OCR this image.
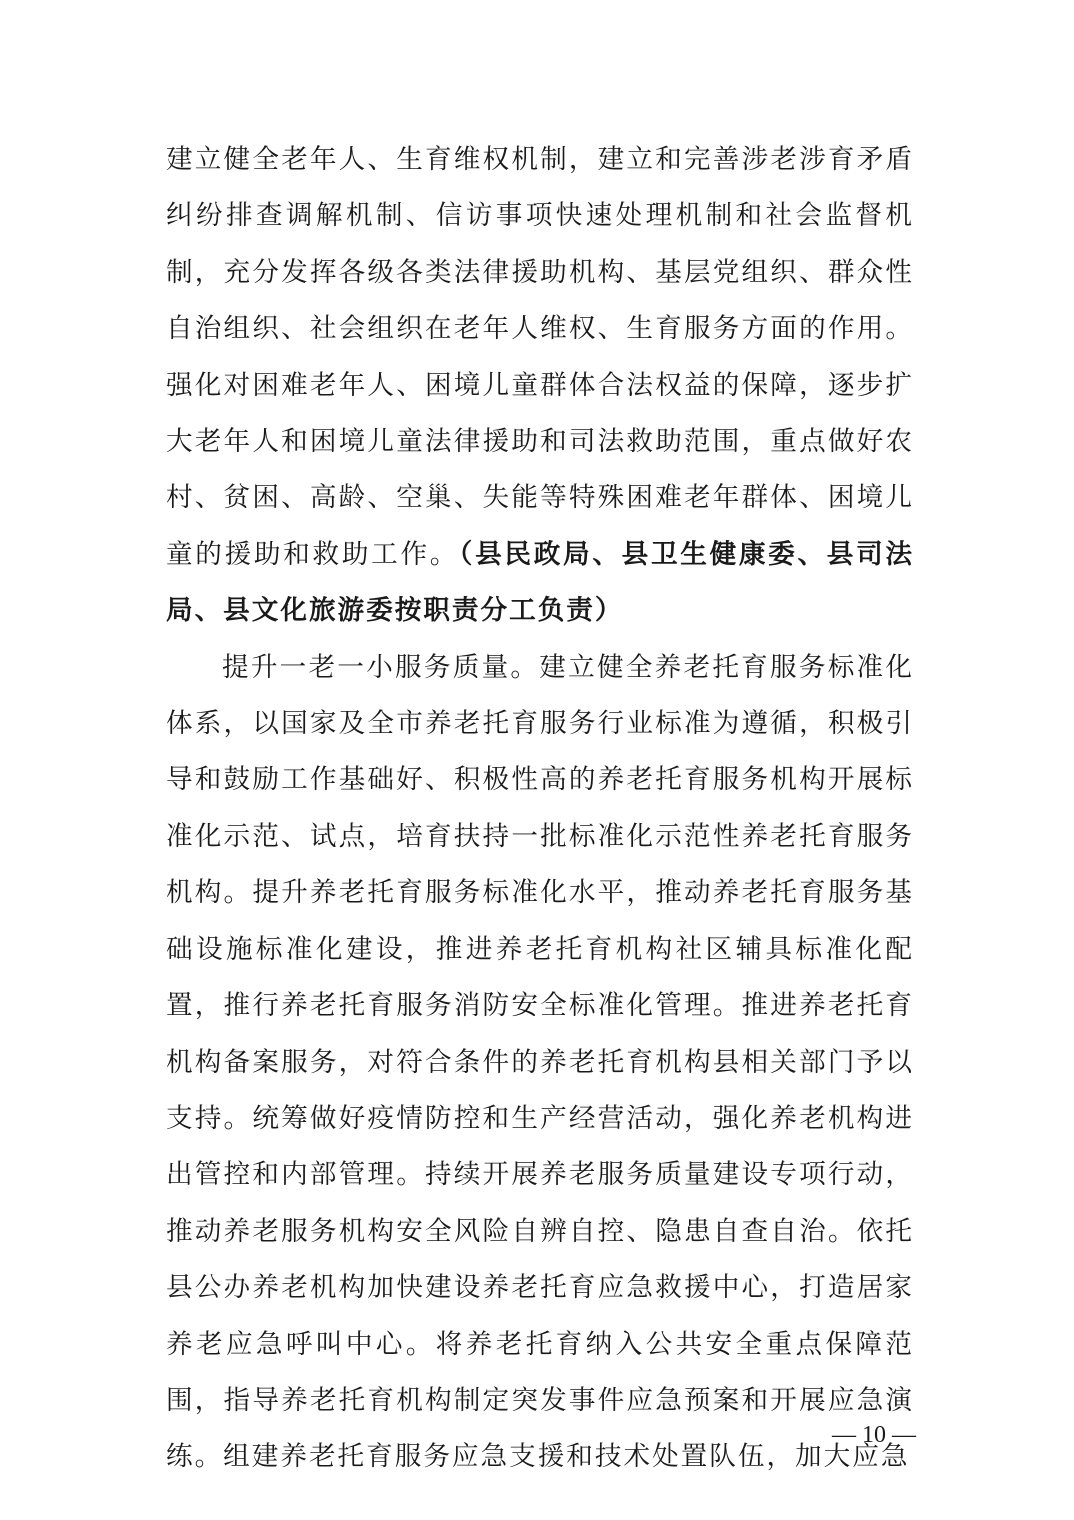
建立健全老年人、生育维权机制，建立和完善涉老涉育矛盾纠纷排查调解机制、信访事项快速处理机制和社会监督机制，充分发挥各级各类法律援助机构、基层党组织、群众性自治组织、社会组织在老年人维权、生育服务方面的作用。强化对困难老年人、困境儿童群体合法权益的保障，逐步扩大老年人和困境儿童法律援助和司法救助范围，重点做好农村、贫困、高龄、空巢、失能等特殊困难老年群体、困境儿童的援助和救助工作。（县民政局、县卫生健康委、县司法局、县文化旅游委按职责分工负责）

提升一老一小服务质量。建立健全养老托育服务标准化体系，以国家及全市养老托育服务行业标准为遵循，积极引导和鼓励工作基础好、积极性高的养老托育服务机构开展标准化示范、试点，培育扶持一批标准化示范性养老托育服务机构。提升养老托育服务标准化水平，推动养老托育服务基础设施标准化建设，推进养老托育机构社区辅具标准化配置，推行养老托育服务消防安全标准化管理。推进养老托育机构备案服务，对符合条件的养老托育机构县相关部门予以支持。统筹做好疫情防控和生产经营活动，强化养老机构进出管控和内部管理。持续开展养老服务质量建设专项行动，推动养老服务机构安全风险自辨自控、隐患自查自治。依托县公办养老机构加快建设养老托育应急救援中心，打造居家养老应急呼叫中心。将养老托育纳入公共安全重点保障范围，指导养老托育机构制定突发事件应急预案和开展应急演练。组建养老托育服务应急支援和技术处置队伍，加大应急

— 10 —
